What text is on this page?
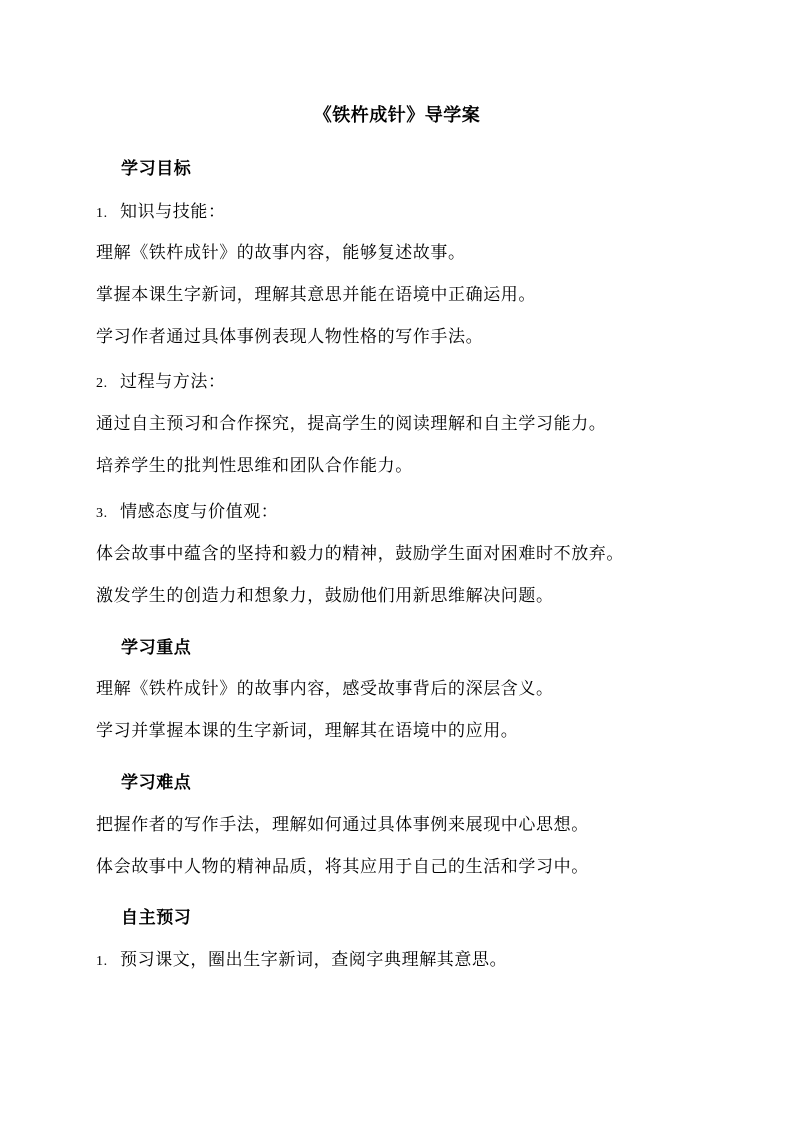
《铁杵成针》导学案
学习目标
1. 知识与技能：
理解《铁杵成针》的故事内容，能够复述故事。
掌握本课生字新词，理解其意思并能在语境中正确运用。
学习作者通过具体事例表现人物性格的写作手法。
2. 过程与方法：
通过自主预习和合作探究，提高学生的阅读理解和自主学习能力。
培养学生的批判性思维和团队合作能力。
3. 情感态度与价值观：
体会故事中蕴含的坚持和毅力的精神，鼓励学生面对困难时不放弃。
激发学生的创造力和想象力，鼓励他们用新思维解决问题。
学习重点
理解《铁杵成针》的故事内容，感受故事背后的深层含义。
学习并掌握本课的生字新词，理解其在语境中的应用。
学习难点
把握作者的写作手法，理解如何通过具体事例来展现中心思想。
体会故事中人物的精神品质，将其应用于自己的生活和学习中。
自主预习
1. 预习课文，圈出生字新词，查阅字典理解其意思。
